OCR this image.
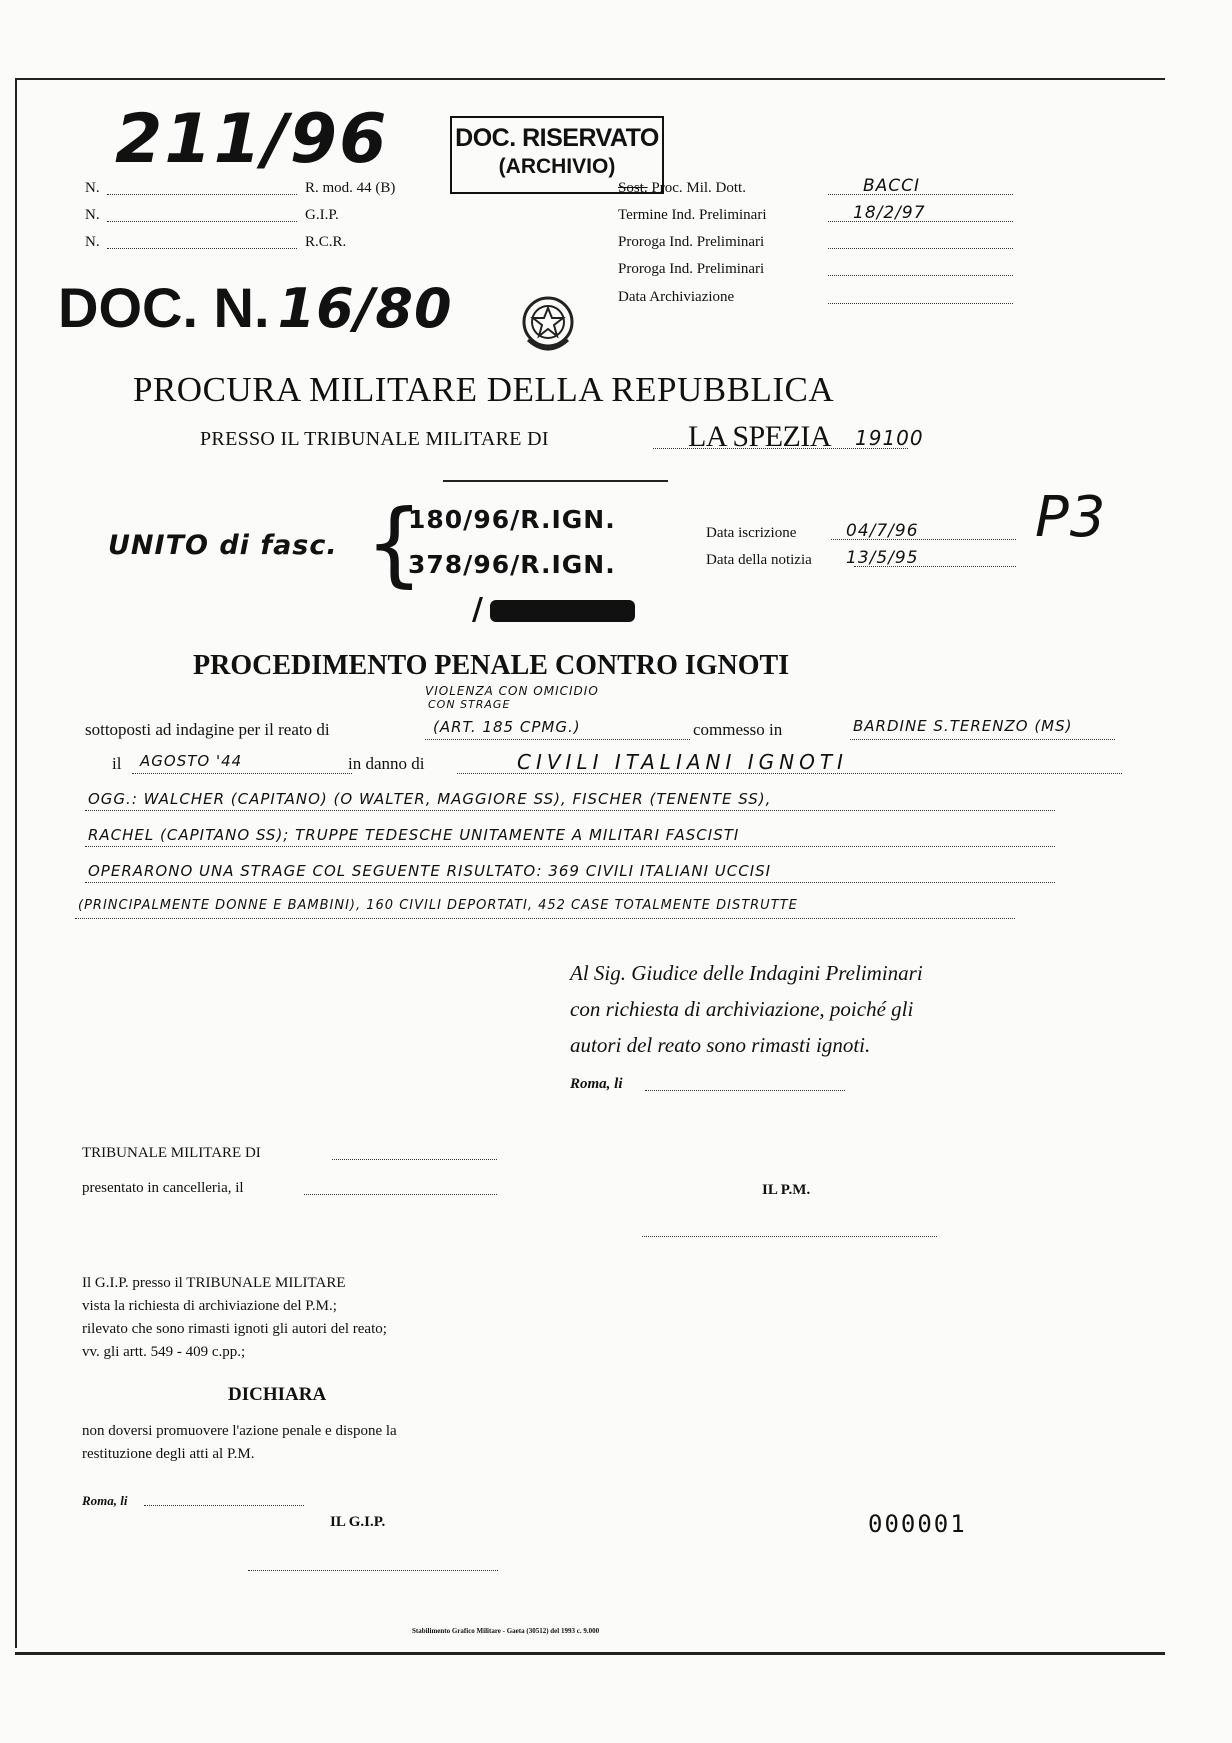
211/96	DOC. RISERVATO
(ARCHIVIO)
N.	R. mod. 44 (B)
N.	G.I.P.
N.	R.C.R.
Sost. Proc. Mil. Dott.	BACCI
Termine Ind. Preliminari	18/2/97
Proroga Ind. Preliminari
Proroga Ind. Preliminari
Data Archiviazione
DOC. N. 16/80
PROCURA MILITARE DELLA REPUBBLICA
PRESSO IL TRIBUNALE MILITARE DI	LA SPEZIA 19100
UNITO di fasc. {
180/96/R.IGN.
378/96/R.IGN.
/
Data iscrizione	04/7/96
Data della notizia 13/5/95
P3
PROCEDIMENTO PENALE CONTRO IGNOTI
VIOLENZA CON OMICIDIO
CON STRAGE
sottoposti ad indagine per il reato di	(ART. 185 CPMG.)	commesso in	BARDINE S.TERENZO (MS)
il AGOSTO '44	in danno di	CIVILI ITALIANI IGNOTI
OGG.: WALCHER (CAPITANO) (O WALTER, MAGGIORE SS), FISCHER (TENENTE SS),
RACHEL (CAPITANO SS); TRUPPE TEDESCHE UNITAMENTE A MILITARI FASCISTI
OPERARONO UNA STRAGE COL SEGUENTE RISULTATO: 369 CIVILI ITALIANI UCCISI
(PRINCIPALMENTE DONNE E BAMBINI), 160 CIVILI DEPORTATI, 452 CASE TOTALMENTE DISTRUTTE
Al Sig. Giudice delle Indagini Preliminari
con richiesta di archiviazione, poiché gli
autori del reato sono rimasti ignoti.
Roma, li
TRIBUNALE MILITARE DI
presentato in cancelleria, il	IL P.M.
Il G.I.P. presso il TRIBUNALE MILITARE
vista la richiesta di archiviazione del P.M.;
rilevato che sono rimasti ignoti gli autori del reato;
vv. gli artt. 549 - 409 c.pp.;
DICHIARA
non doversi promuovere l'azione penale e dispone la
restituzione degli atti al P.M.
Roma, li
IL G.I.P.	000001
Stabilimento Grafico Militare - Gaeta (30512) del 1993 c. 9.000
